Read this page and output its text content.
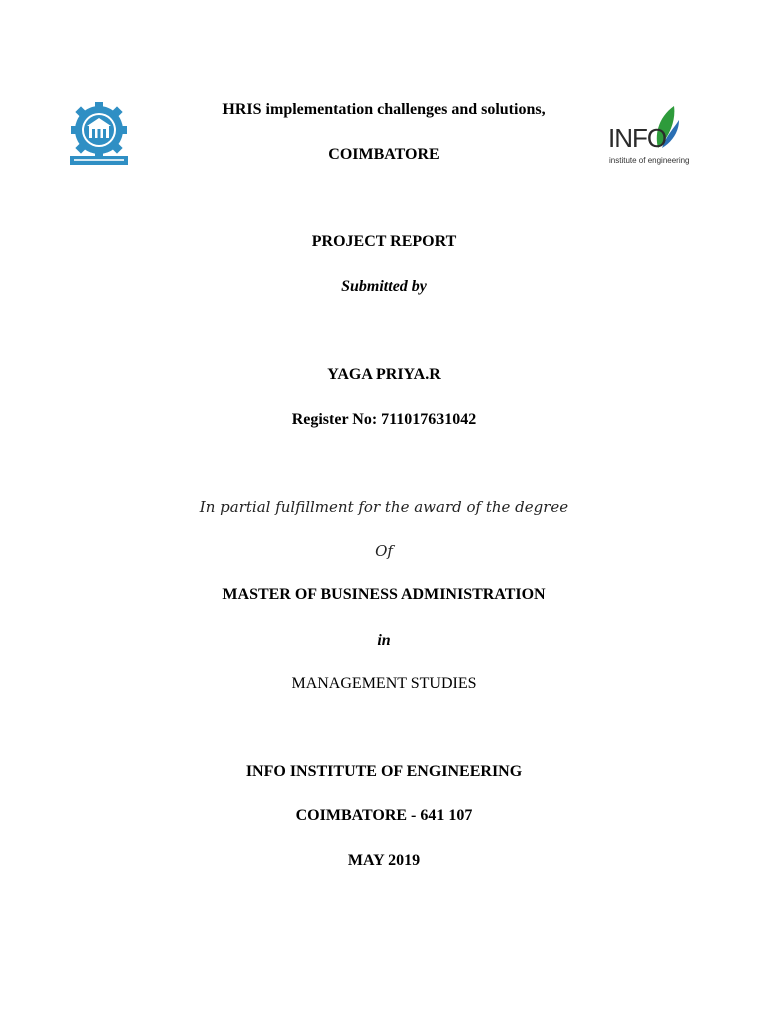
INFO
institute of engineering
HRIS implementation challenges and solutions,
COIMBATORE
PROJECT REPORT
Submitted by
YAGA PRIYA.R
Register No: 711017631042
In partial fulfillment for the award of the degree
Of
MASTER OF BUSINESS ADMINISTRATION
in
MANAGEMENT STUDIES
INFO INSTITUTE OF ENGINEERING
COIMBATORE - 641 107
MAY 2019
